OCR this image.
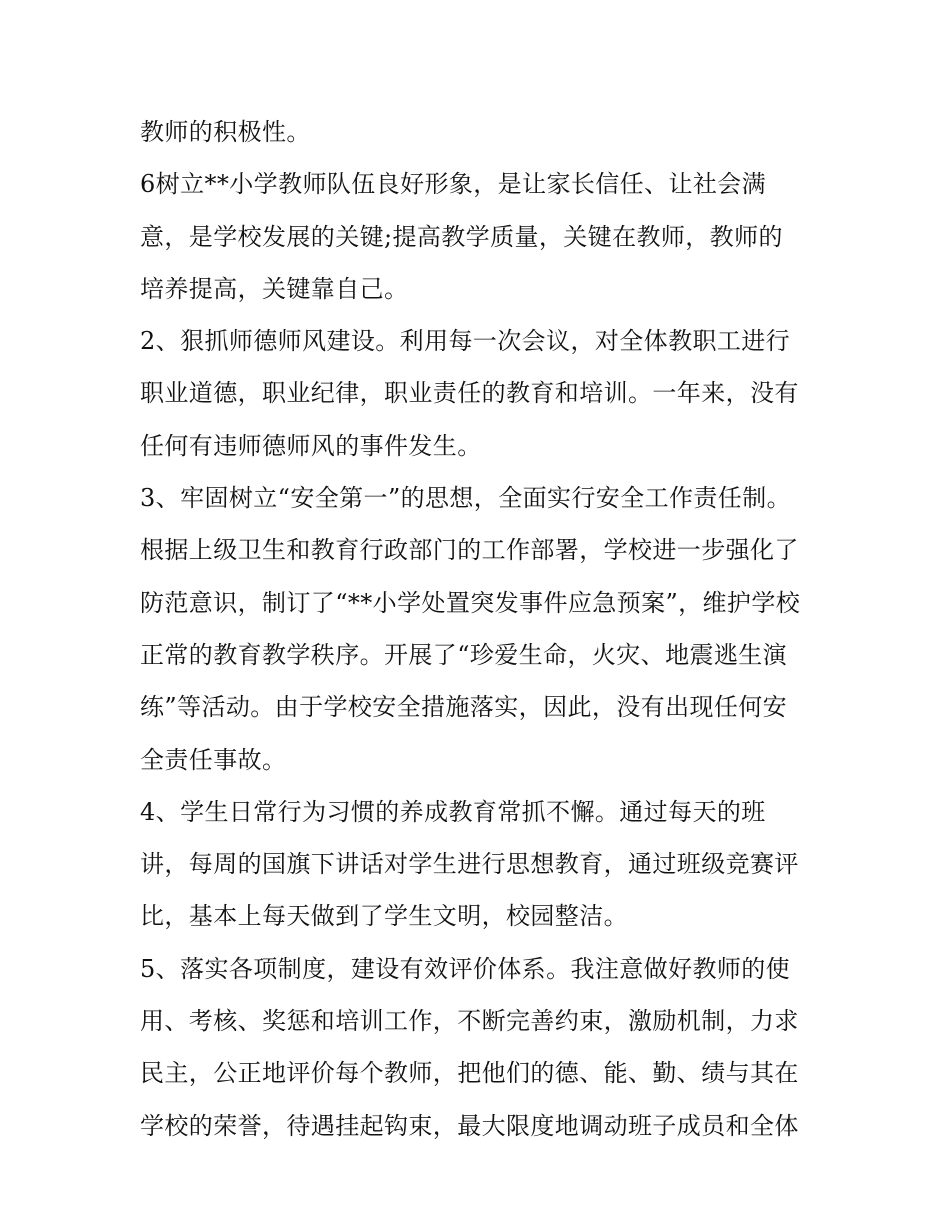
教师的积极性。
6树立**小学教师队伍良好形象，是让家长信任、让社会满
意，是学校发展的关键;提高教学质量，关键在教师，教师的
培养提高，关键靠自己。
2、狠抓师德师风建设。利用每一次会议，对全体教职工进行
职业道德，职业纪律，职业责任的教育和培训。一年来，没有
任何有违师德师风的事件发生。
3、牢固树立“安全第一”的思想，全面实行安全工作责任制。
根据上级卫生和教育行政部门的工作部署，学校进一步强化了
防范意识，制订了“**小学处置突发事件应急预案”，维护学校
正常的教育教学秩序。开展了“珍爱生命，火灾、地震逃生演
练”等活动。由于学校安全措施落实，因此，没有出现任何安
全责任事故。
4、学生日常行为习惯的养成教育常抓不懈。通过每天的班
讲，每周的国旗下讲话对学生进行思想教育，通过班级竞赛评
比，基本上每天做到了学生文明，校园整洁。
5、落实各项制度，建设有效评价体系。我注意做好教师的使
用、考核、奖惩和培训工作，不断完善约束，激励机制，力求
民主，公正地评价每个教师，把他们的德、能、勤、绩与其在
学校的荣誉，待遇挂起钩束，最大限度地调动班子成员和全体
